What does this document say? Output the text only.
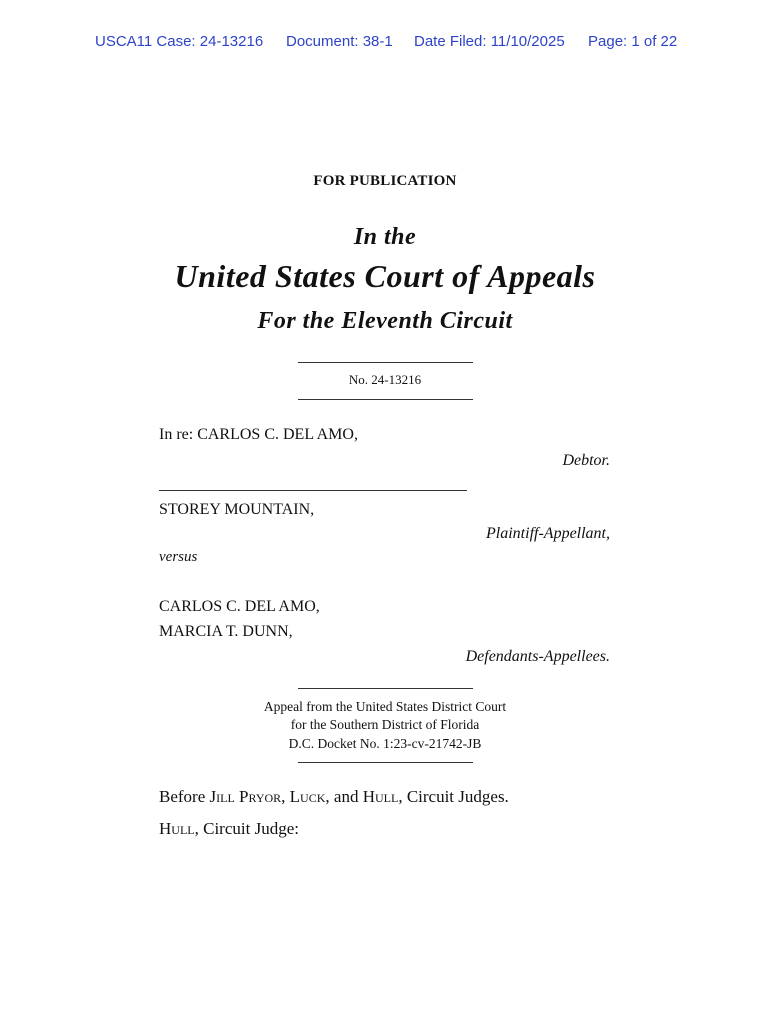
USCA11 Case: 24-13216 Document: 38-1 Date Filed: 11/10/2025 Page: 1 of 22
FOR PUBLICATION
In the
United States Court of Appeals
For the Eleventh Circuit
No. 24-13216
In re: CARLOS C. DEL AMO,
Debtor.
STOREY MOUNTAIN,
Plaintiff-Appellant,
versus
CARLOS C. DEL AMO,
MARCIA T. DUNN,
Defendants-Appellees.
Appeal from the United States District Court
for the Southern District of Florida
D.C. Docket No. 1:23-cv-21742-JB
Before Jill Pryor, Luck, and Hull, Circuit Judges.
Hull, Circuit Judge:
